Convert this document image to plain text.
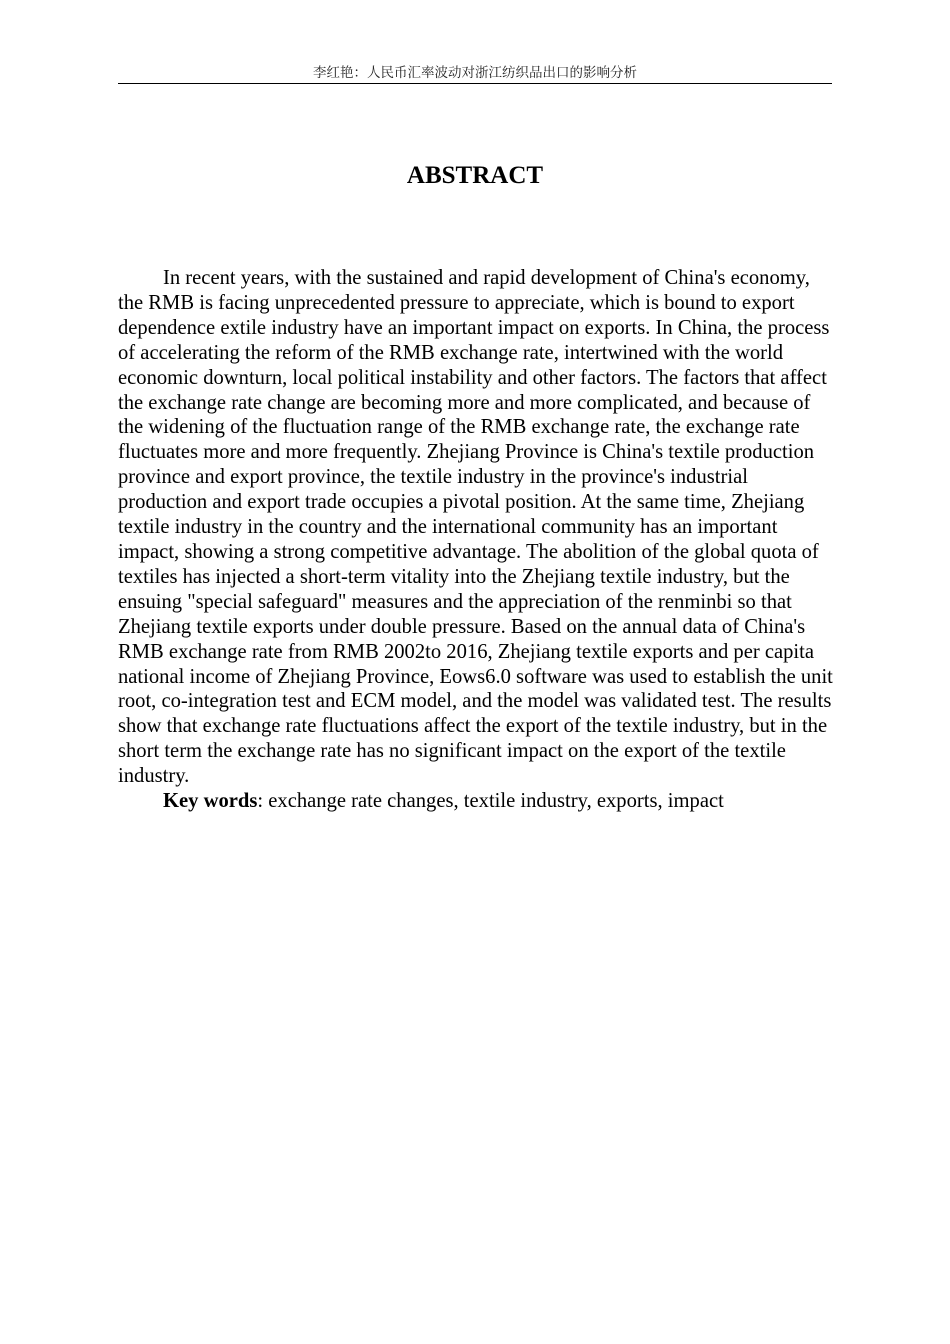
李红艳：人民币汇率波动对浙江纺织品出口的影响分析
ABSTRACT

In recent years, with the sustained and rapid development of China's economy, the RMB is facing unprecedented pressure to appreciate, which is bound to export dependence extile industry have an important impact on exports. In China, the process of accelerating the reform of the RMB exchange rate, intertwined with the world economic downturn, local political instability and other factors. The factors that affect the exchange rate change are becoming more and more complicated, and because of the widening of the fluctuation range of the RMB exchange rate, the exchange rate fluctuates more and more frequently. Zhejiang Province is China's textile production province and export province, the textile industry in the province's industrial production and export trade occupies a pivotal position. At the same time, Zhejiang textile industry in the country and the international community has an important impact, showing a strong competitive advantage. The abolition of the global quota of textiles has injected a short-term vitality into the Zhejiang textile industry, but the ensuing "special safeguard" measures and the appreciation of the renminbi so that Zhejiang textile exports under double pressure. Based on the annual data of China's RMB exchange rate from RMB 2002to 2016, Zhejiang textile exports and per capita national income of Zhejiang Province, Eows6.0 software was used to establish the unit root, co-integration test and ECM model, and the model was validated test. The results show that exchange rate fluctuations affect the export of the textile industry, but in the short term the exchange rate has no significant impact on the export of the textile industry.

Key words: exchange rate changes, textile industry, exports, impact
